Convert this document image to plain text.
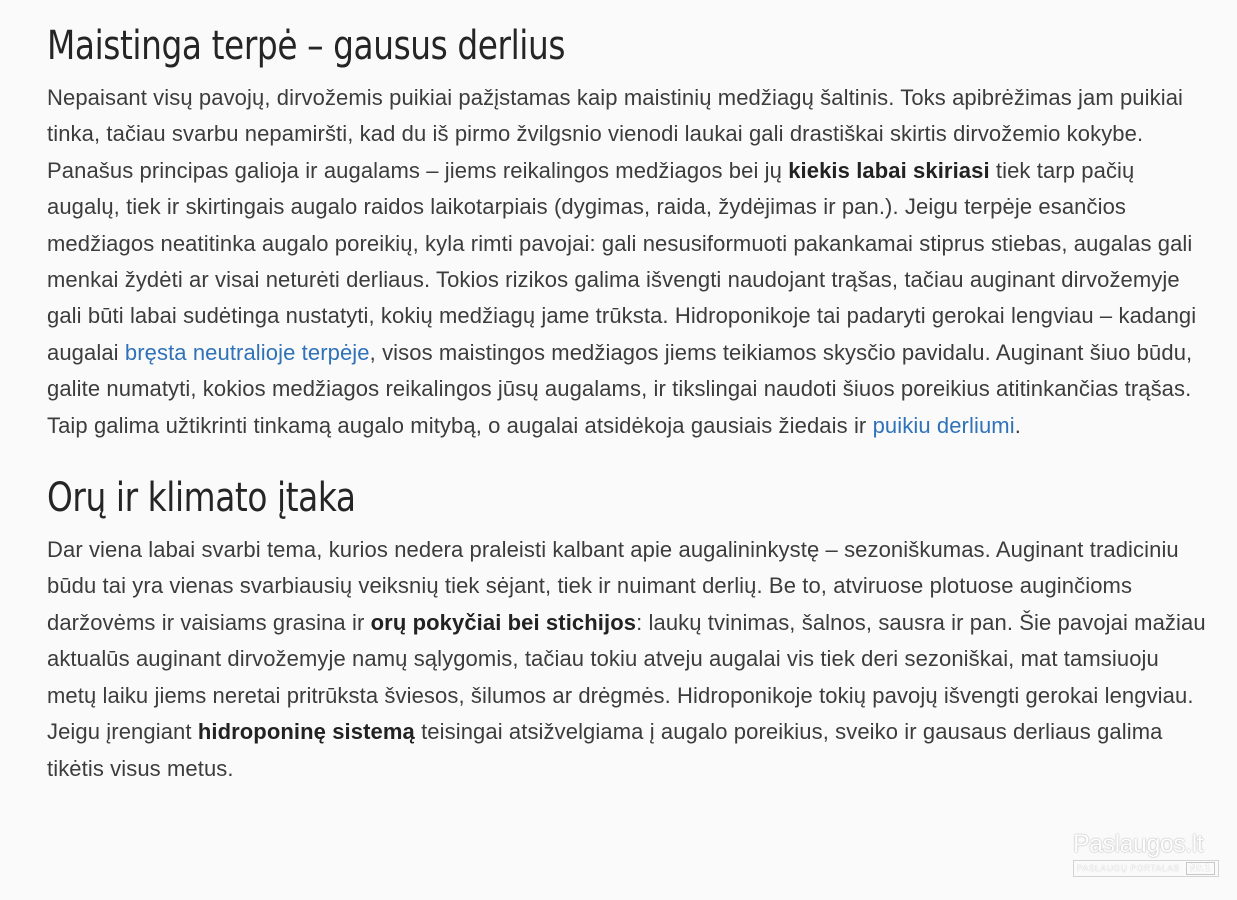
Maistinga terpė – gausus derlius

Nepaisant visų pavojų, dirvožemis puikiai pažįstamas kaip maistinių medžiagų šaltinis. Toks apibrėžimas jam puikiai tinka, tačiau svarbu nepamiršti, kad du iš pirmo žvilgsnio vienodi laukai gali drastiškai skirtis dirvožemio kokybe. Panašus principas galioja ir augalams – jiems reikalingos medžiagos bei jų kiekis labai skiriasi tiek tarp pačių augalų, tiek ir skirtingais augalo raidos laikotarpiais (dygimas, raida, žydėjimas ir pan.). Jeigu terpėje esančios medžiagos neatitinka augalo poreikių, kyla rimti pavojai: gali nesusiformuoti pakankamai stiprus stiebas, augalas gali menkai žydėti ar visai neturėti derliaus. Tokios rizikos galima išvengti naudojant trąšas, tačiau auginant dirvožemyje gali būti labai sudėtinga nustatyti, kokių medžiagų jame trūksta. Hidroponikoje tai padaryti gerokai lengviau – kadangi augalai bręsta neutralioje terpėje, visos maistingos medžiagos jiems teikiamos skysčio pavidalu. Auginant šiuo būdu, galite numatyti, kokios medžiagos reikalingos jūsų augalams, ir tikslingai naudoti šiuos poreikius atitinkančias trąšas. Taip galima užtikrinti tinkamą augalo mitybą, o augalai atsidėkoja gausiais žiedais ir puikiu derliumi.

Orų ir klimato įtaka

Dar viena labai svarbi tema, kurios nedera praleisti kalbant apie augalininkystę – sezoniškumas. Auginant tradiciniu būdu tai yra vienas svarbiausių veiksnių tiek sėjant, tiek ir nuimant derlių. Be to, atviruose plotuose auginčioms daržovėms ir vaisiams grasina ir orų pokyčiai bei stichijos: laukų tvinimas, šalnos, sausra ir pan. Šie pavojai mažiau aktualūs auginant dirvožemyje namų sąlygomis, tačiau tokiu atveju augalai vis tiek deri sezoniškai, mat tamsiuoju metų laiku jiems neretai pritrūksta šviesos, šilumos ar drėgmės. Hidroponikoje tokių pavojų išvengti gerokai lengviau. Jeigu įrengiant hidroponinę sistemą teisingai atsižvelgiama į augalo poreikius, sveiko ir gausaus derliaus galima tikėtis visus metus.

Paslaugos.lt
PASLAUGŲ PORTALAS Nr.1
